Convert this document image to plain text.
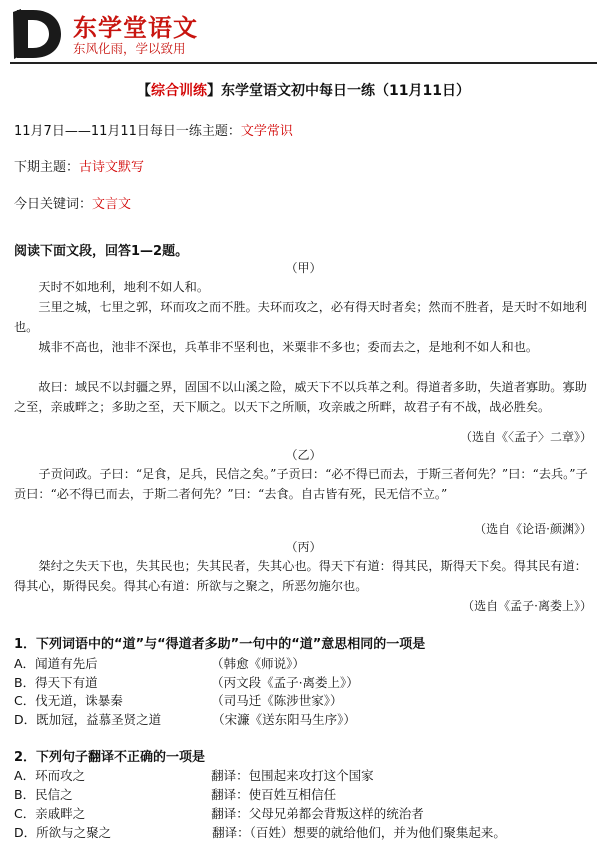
东学堂语文
东风化雨，学以致用
【综合训练】东学堂语文初中每日一练（11月11日）
11月7日——11月11日每日一练主题：文学常识
下期主题：古诗文默写
今日关键词：文言文
阅读下面文段，回答1—2题。
（甲）
天时不如地利，地利不如人和。
三里之城，七里之郭，环而攻之而不胜。夫环而攻之，必有得天时者矣；然而不胜者，是天时不如地利也。
城非不高也，池非不深也，兵革非不坚利也，米粟非不多也；委而去之，是地利不如人和也。
故曰：域民不以封疆之界，固国不以山溪之险，威天下不以兵革之利。得道者多助，失道者寡助。寡助之至，亲戚畔之；多助之至，天下顺之。以天下之所顺，攻亲戚之所畔，故君子有不战，战必胜矣。
（选自《〈孟子〉二章》）
（乙）
子贡问政。子曰：“足食，足兵，民信之矣。”子贡曰：“必不得已而去，于斯三者何先？”曰：“去兵。”子贡曰：“必不得已而去，于斯二者何先？”曰：“去食。自古皆有死，民无信不立。”
（选自《论语·颜渊》）
（丙）
桀纣之失天下也，失其民也；失其民者，失其心也。得天下有道：得其民，斯得天下矣。得其民有道：得其心，斯得民矣。得其心有道：所欲与之聚之，所恶勿施尔也。
（选自《孟子·离娄上》）
1．下列词语中的“道”与“得道者多助”一句中的“道”意思相同的一项是
A．闻道有先后	（韩愈《师说》）
B．得天下有道	（丙文段《孟子·离娄上》）
C．伐无道，诛暴秦	（司马迁《陈涉世家》）
D．既加冠，益慕圣贤之道	（宋濂《送东阳马生序》）
2．下列句子翻译不正确的一项是
A．环而攻之	翻译：包围起来攻打这个国家
B．民信之	翻译：使百姓互相信任
C．亲戚畔之	翻译：父母兄弟都会背叛这样的统治者
D．所欲与之聚之	翻译：（百姓）想要的就给他们，并为他们聚集起来。
